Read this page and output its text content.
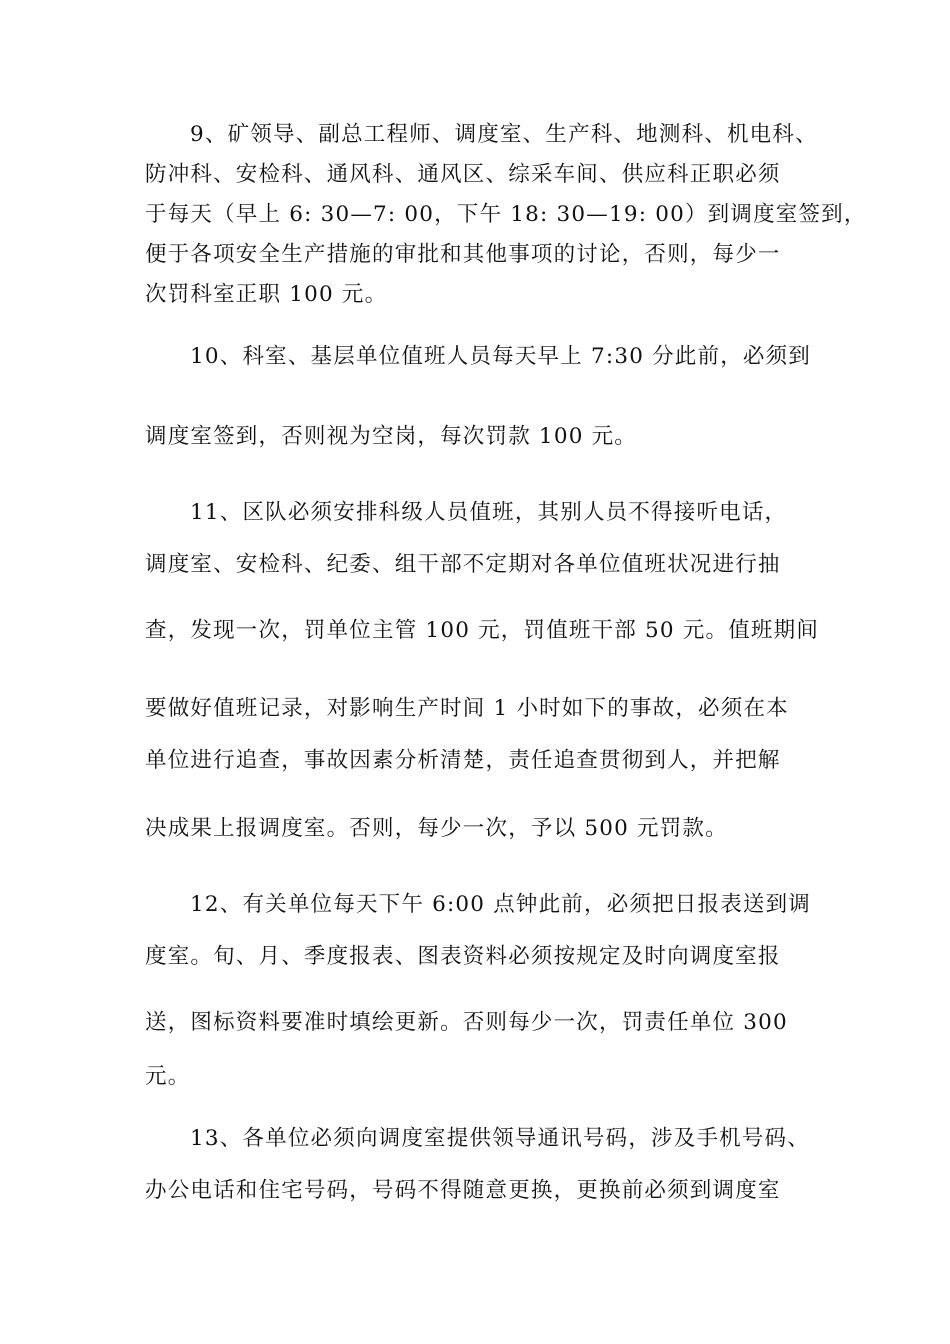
9、矿领导、副总工程师、调度室、生产科、地测科、机电科、
防冲科、安检科、通风科、通风区、综采车间、供应科正职必须
于每天（早上 6: 30—7: 00，下午 18: 30—19: 00）到调度室签到，
便于各项安全生产措施的审批和其他事项的讨论，否则，每少一
次罚科室正职 100 元。
10、科室、基层单位值班人员每天早上 7:30 分此前，必须到
调度室签到，否则视为空岗，每次罚款 100 元。
11、区队必须安排科级人员值班，其别人员不得接听电话，
调度室、安检科、纪委、组干部不定期对各单位值班状况进行抽
查，发现一次，罚单位主管 100 元，罚值班干部 50 元。值班期间
要做好值班记录，对影响生产时间 1 小时如下的事故，必须在本
单位进行追查，事故因素分析清楚，责任追查贯彻到人，并把解
决成果上报调度室。否则，每少一次，予以 500 元罚款。
12、有关单位每天下午 6:00 点钟此前，必须把日报表送到调
度室。旬、月、季度报表、图表资料必须按规定及时向调度室报
送，图标资料要准时填绘更新。否则每少一次，罚责任单位 300
元。
13、各单位必须向调度室提供领导通讯号码，涉及手机号码、
办公电话和住宅号码，号码不得随意更换，更换前必须到调度室
